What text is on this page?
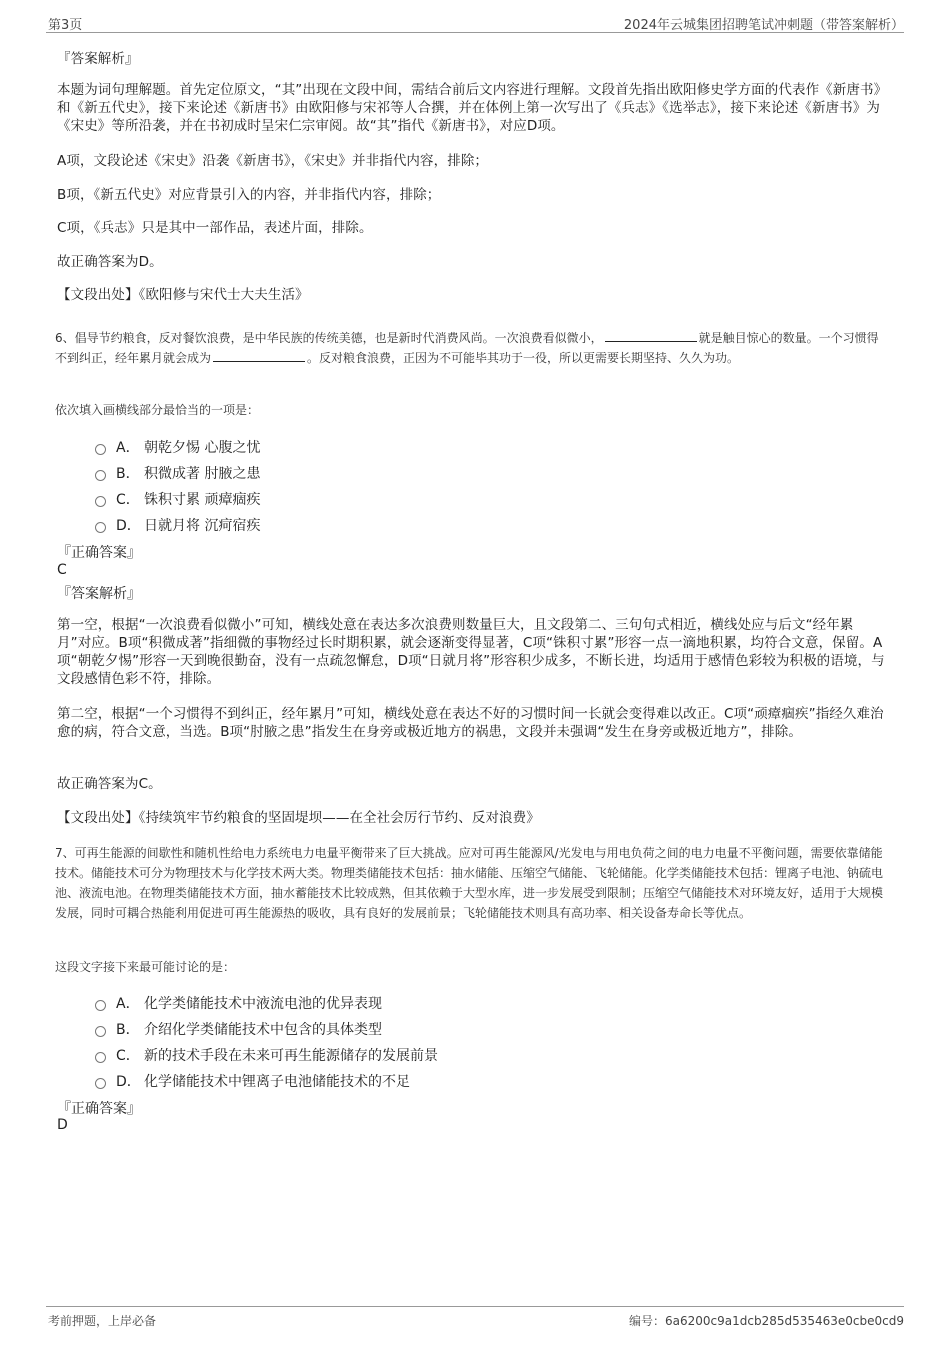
第3页	2024年云城集团招聘笔试冲刺题（带答案解析）
『答案解析』
本题为词句理解题。首先定位原文，“其”出现在文段中间，需结合前后文内容进行理解。文段首先指出欧阳修史学方面的代表作《新唐书》和《新五代史》，接下来论述《新唐书》由欧阳修与宋祁等人合撰，并在体例上第一次写出了《兵志》《选举志》，接下来论述《新唐书》为《宋史》等所沿袭，并在书初成时呈宋仁宗审阅。故“其”指代《新唐书》，对应D项。
A项，文段论述《宋史》沿袭《新唐书》，《宋史》并非指代内容，排除；
B项，《新五代史》对应背景引入的内容，并非指代内容，排除；
C项，《兵志》只是其中一部作品，表述片面，排除。
故正确答案为D。
【文段出处】《欧阳修与宋代士大夫生活》
6、倡导节约粮食，反对餐饮浪费，是中华民族的传统美德，也是新时代消费风尚。一次浪费看似微小，	就是触目惊心的数量。一个习惯得不到纠正，经年累月就会成为	。反对粮食浪费，正因为不可能毕其功于一役，所以更需要长期坚持、久久为功。
依次填入画横线部分最恰当的一项是：
A． 朝乾夕惕 心腹之忧
B． 积微成著 肘腋之患
C． 铢积寸累 顽瘴痼疾
D． 日就月将 沉疴宿疾
『正确答案』
C
『答案解析』
第一空，根据“一次浪费看似微小”可知，横线处意在表达多次浪费则数量巨大，且文段第二、三句句式相近，横线处应与后文“经年累月”对应。B项“积微成著”指细微的事物经过长时期积累，就会逐渐变得显著，C项“铢积寸累”形容一点一滴地积累，均符合文意，保留。A项“朝乾夕惕”形容一天到晚很勤奋，没有一点疏忽懈怠，D项“日就月将”形容积少成多，不断长进，均适用于感情色彩较为积极的语境，与文段感情色彩不符，排除。
第二空，根据“一个习惯得不到纠正，经年累月”可知，横线处意在表达不好的习惯时间一长就会变得难以改正。C项“顽瘴痼疾”指经久难治愈的病，符合文意，当选。B项“肘腋之患”指发生在身旁或极近地方的祸患，文段并未强调“发生在身旁或极近地方”，排除。
故正确答案为C。
【文段出处】《持续筑牢节约粮食的坚固堤坝——在全社会厉行节约、反对浪费》
7、可再生能源的间歇性和随机性给电力系统电力电量平衡带来了巨大挑战。应对可再生能源风/光发电与用电负荷之间的电力电量不平衡问题，需要依靠储能技术。储能技术可分为物理技术与化学技术两大类。物理类储能技术包括：抽水储能、压缩空气储能、飞轮储能。化学类储能技术包括：锂离子电池、钠硫电池、液流电池。在物理类储能技术方面，抽水蓄能技术比较成熟，但其依赖于大型水库，进一步发展受到限制；压缩空气储能技术对环境友好，适用于大规模发展，同时可耦合热能利用促进可再生能源热的吸收，具有良好的发展前景；飞轮储能技术则具有高功率、相关设备寿命长等优点。
这段文字接下来最可能讨论的是：
A． 化学类储能技术中液流电池的优异表现
B． 介绍化学类储能技术中包含的具体类型
C． 新的技术手段在未来可再生能源储存的发展前景
D． 化学储能技术中锂离子电池储能技术的不足
『正确答案』
D
考前押题，上岸必备	编号：6a6200c9a1dcb285d535463e0cbe0cd9
